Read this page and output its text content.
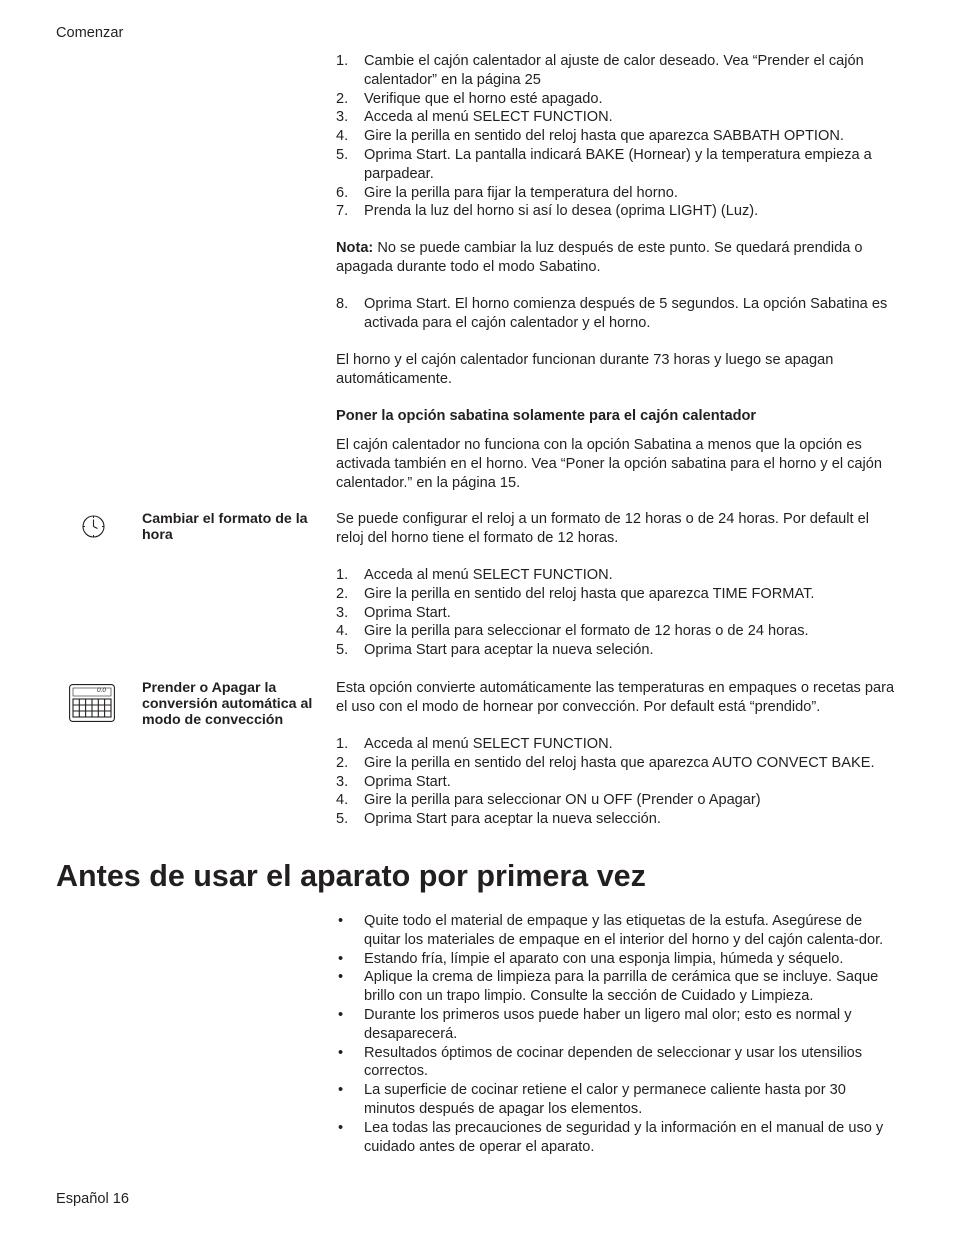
Comenzar
1.	Cambie el cajón calentador al ajuste de calor deseado. Vea “Prender el cajón calentador” en la página 25
2.	Verifique que el horno esté apagado.
3.	Acceda al menú SELECT FUNCTION.
4.	Gire la perilla en sentido del reloj hasta que aparezca SABBATH OPTION.
5.	Oprima Start. La pantalla indicará BAKE (Hornear) y la temperatura empieza a parpadear.
6.	Gire la perilla para fijar la temperatura del horno.
7.	Prenda la luz del horno si así lo desea (oprima LIGHT) (Luz).

Nota: No se puede cambiar la luz después de este punto. Se quedará prendida o apagada durante todo el modo Sabatino.

8.	Oprima Start. El horno comienza después de 5 segundos. La opción Sabatina es activada para el cajón calentador y el horno.

El horno y el cajón calentador funcionan durante 73 horas y luego se apagan automáticamente.

Poner la opción sabatina solamente para el cajón calentador

El cajón calentador no funciona con la opción Sabatina a menos que la opción es activada también en el horno. Vea “Poner la opción sabatina para el horno y el cajón calentador.” en la página 15.

Cambiar el formato de la hora

Se puede configurar el reloj a un formato de 12 horas o de 24 horas. Por default el reloj del horno tiene el formato de 12 horas.

1.	Acceda al menú SELECT FUNCTION.
2.	Gire la perilla en sentido del reloj hasta que aparezca TIME FORMAT.
3.	Oprima Start.
4.	Gire la perilla para seleccionar el formato de 12 horas o de 24 horas.
5.	Oprima Start para aceptar la nueva seleción.
0.0	Prender o Apagar la conversión automática al modo de convección

Esta opción convierte automáticamente las temperaturas en empaques o recetas para el uso con el modo de hornear por convección. Por default está “prendido”.

1.	Acceda al menú SELECT FUNCTION.
2.	Gire la perilla en sentido del reloj hasta que aparezca AUTO CONVECT BAKE.
3.	Oprima Start.
4.	Gire la perilla para seleccionar ON u OFF (Prender o Apagar)
5.	Oprima Start para aceptar la nueva selección.
Antes de usar el aparato por primera vez
• Quite todo el material de empaque y las etiquetas de la estufa. Asegúrese de quitar los materiales de empaque en el interior del horno y del cajón calenta-dor.
• Estando fría, límpie el aparato con una esponja limpia, húmeda y séquelo.
• Aplique la crema de limpieza para la parrilla de cerámica que se incluye. Saque brillo con un trapo limpio. Consulte la sección de Cuidado y Limpieza.
• Durante los primeros usos puede haber un ligero mal olor; esto es normal y desaparecerá.
• Resultados óptimos de cocinar dependen de seleccionar y usar los utensilios correctos.
• La superficie de cocinar retiene el calor y permanece caliente hasta por 30 minutos después de apagar los elementos.
• Lea todas las precauciones de seguridad y la información en el manual de uso y cuidado antes de operar el aparato.
Español 16
